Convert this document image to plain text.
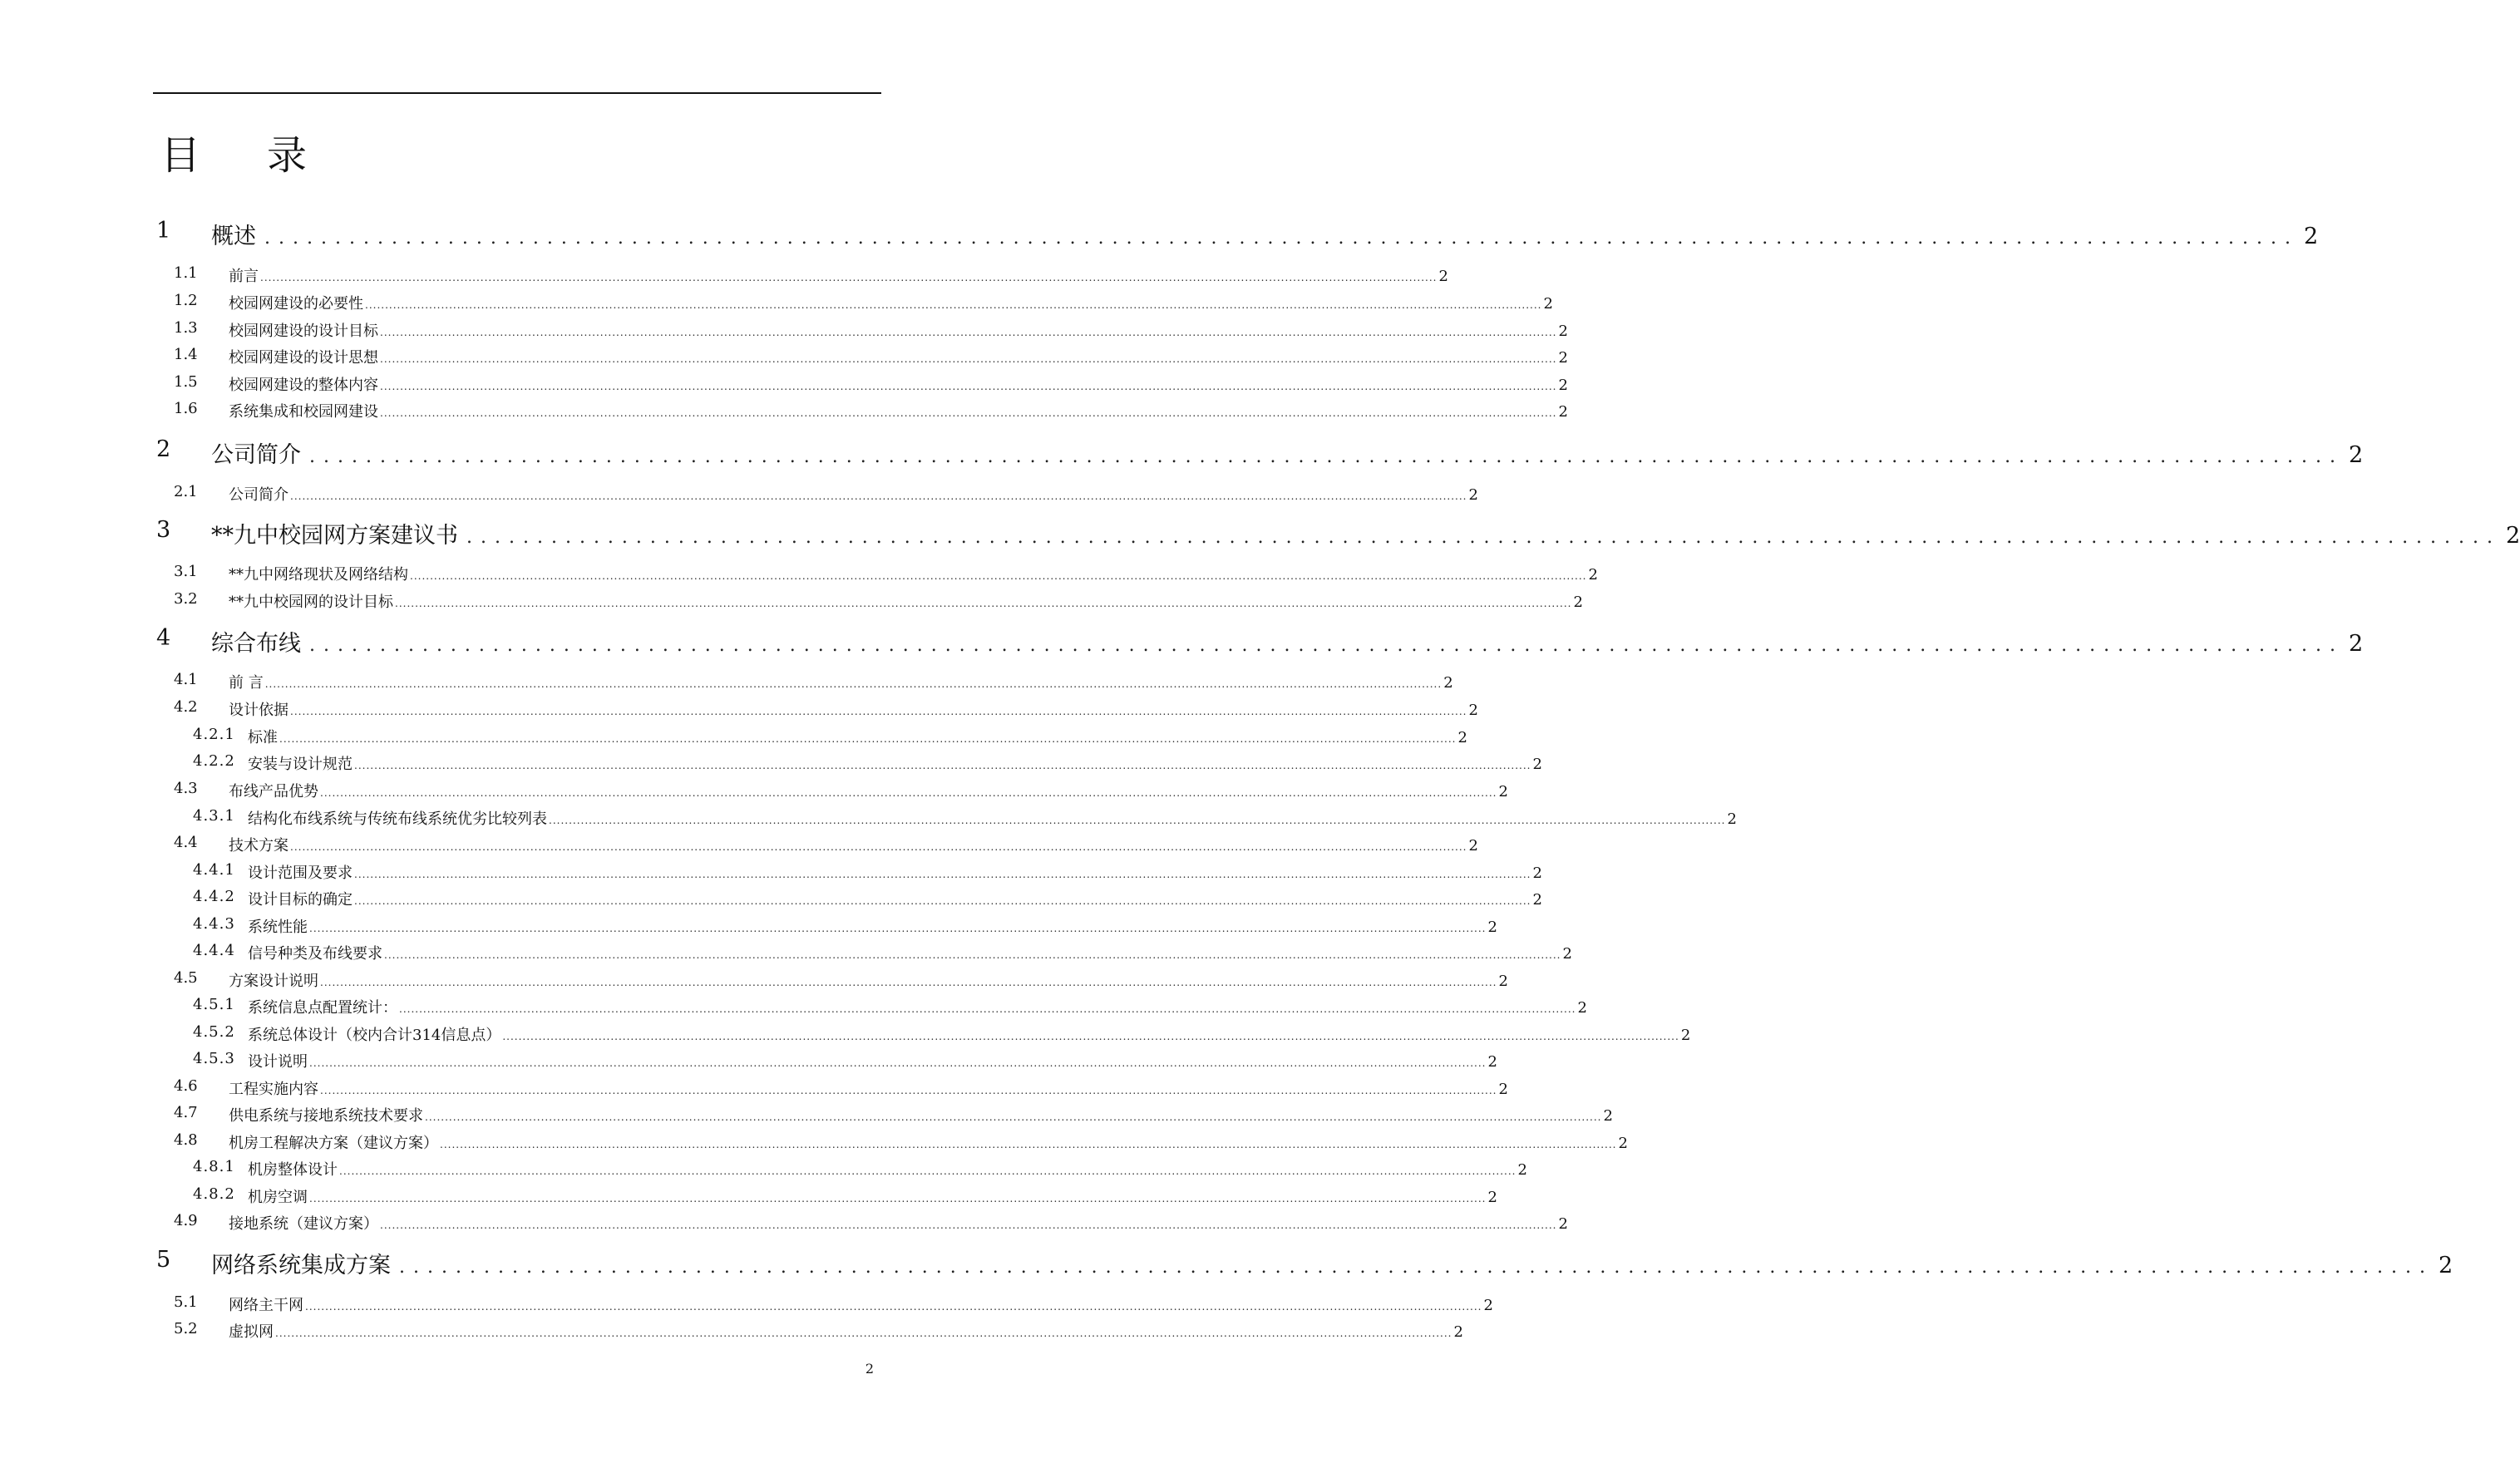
目 录
1 概述 ................................................................................................................................................ 2
1.1 前言 ...................................................................................................................................................................................................................................................................................................... 2
1.2 校园网建设的必要性 ...................................................................................................................................................................................................................................................................................................... 2
1.3 校园网建设的设计目标 ...................................................................................................................................................................................................................................................................................................... 2
1.4 校园网建设的设计思想 ...................................................................................................................................................................................................................................................................................................... 2
1.5 校园网建设的整体内容 ...................................................................................................................................................................................................................................................................................................... 2
1.6 系统集成和校园网建设 ...................................................................................................................................................................................................................................................................................................... 2
2 公司简介 ................................................................................................................................................ 2
2.1 公司简介 ...................................................................................................................................................................................................................................................................................................... 2
3 **九中校园网方案建议书 ................................................................................................................................................ 2
3.1 **九中网络现状及网络结构 ...................................................................................................................................................................................................................................................................................................... 2
3.2 **九中校园网的设计目标 ...................................................................................................................................................................................................................................................................................................... 2
4 综合布线 ................................................................................................................................................ 2
4.1 前 言 ...................................................................................................................................................................................................................................................................................................... 2
4.2 设计依据 ...................................................................................................................................................................................................................................................................................................... 2
4.2.1 标准 ...................................................................................................................................................................................................................................................................................................... 2
4.2.2 安装与设计规范 ...................................................................................................................................................................................................................................................................................................... 2
4.3 布线产品优势 ...................................................................................................................................................................................................................................................................................................... 2
4.3.1 结构化布线系统与传统布线系统优劣比较列表 ...................................................................................................................................................................................................................................................................................................... 2
4.4 技术方案 ...................................................................................................................................................................................................................................................................................................... 2
4.4.1 设计范围及要求 ...................................................................................................................................................................................................................................................................................................... 2
4.4.2 设计目标的确定 ...................................................................................................................................................................................................................................................................................................... 2
4.4.3 系统性能 ...................................................................................................................................................................................................................................................................................................... 2
4.4.4 信号种类及布线要求 ...................................................................................................................................................................................................................................................................................................... 2
4.5 方案设计说明 ...................................................................................................................................................................................................................................................................................................... 2
4.5.1 系统信息点配置统计： ...................................................................................................................................................................................................................................................................................................... 2
4.5.2 系统总体设计（校内合计314信息点） ...................................................................................................................................................................................................................................................................................................... 2
4.5.3 设计说明 ...................................................................................................................................................................................................................................................................................................... 2
4.6 工程实施内容 ...................................................................................................................................................................................................................................................................................................... 2
4.7 供电系统与接地系统技术要求 ...................................................................................................................................................................................................................................................................................................... 2
4.8 机房工程解决方案（建议方案） ...................................................................................................................................................................................................................................................................................................... 2
4.8.1 机房整体设计 ...................................................................................................................................................................................................................................................................................................... 2
4.8.2 机房空调 ...................................................................................................................................................................................................................................................................................................... 2
4.9 接地系统（建议方案） ...................................................................................................................................................................................................................................................................................................... 2
5 网络系统集成方案 ................................................................................................................................................ 2
5.1 网络主干网 ...................................................................................................................................................................................................................................................................................................... 2
5.2 虚拟网 ...................................................................................................................................................................................................................................................................................................... 2
2
